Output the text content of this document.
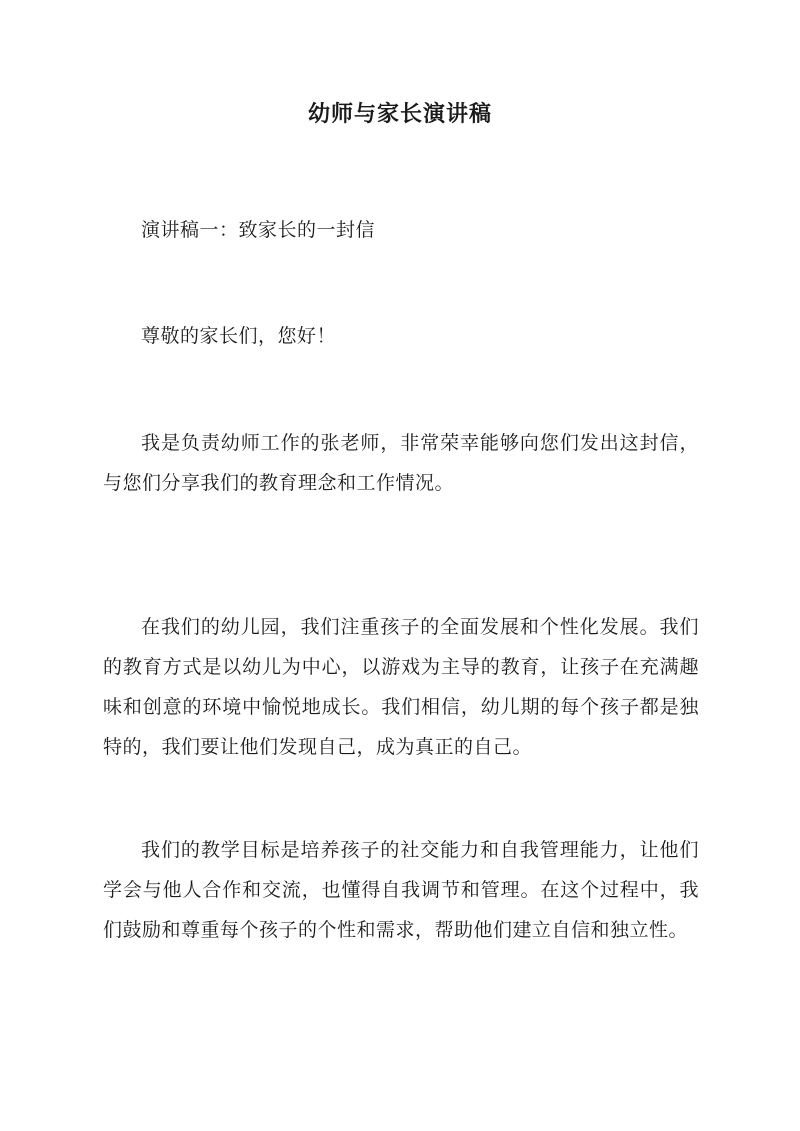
幼师与家长演讲稿

演讲稿一：致家长的一封信

尊敬的家长们，您好！

我是负责幼师工作的张老师，非常荣幸能够向您们发出这封信，与您们分享我们的教育理念和工作情况。

在我们的幼儿园，我们注重孩子的全面发展和个性化发展。我们的教育方式是以幼儿为中心，以游戏为主导的教育，让孩子在充满趣味和创意的环境中愉悦地成长。我们相信，幼儿期的每个孩子都是独特的，我们要让他们发现自己，成为真正的自己。

我们的教学目标是培养孩子的社交能力和自我管理能力，让他们学会与他人合作和交流，也懂得自我调节和管理。在这个过程中，我们鼓励和尊重每个孩子的个性和需求，帮助他们建立自信和独立性。
